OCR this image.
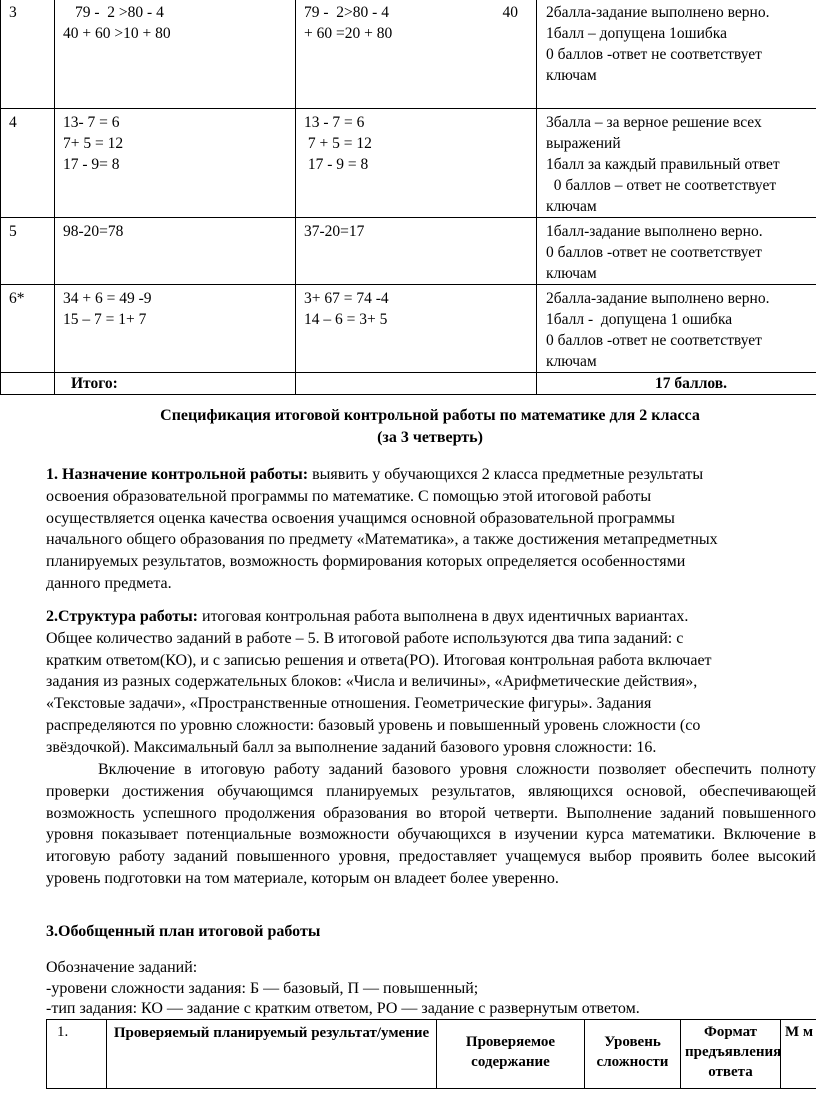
3	79 -  2 >80 - 4
40 + 60 >10 + 80	79 -  2>80 - 4
+ 60 =20 + 80
40	2балла-задание выполнено верно.
1балл – допущена 1ошибка
0 баллов -ответ не соответствует
ключам

4	13- 7 = 6
7+ 5 = 12
17 - 9= 8	13 - 7 = 6
7 + 5 = 12
17 - 9 = 8	3балла – за верное решение всех
выражений
1балл за каждый правильный ответ
0 баллов – ответ не соответствует
ключам

5	98-20=78	37-20=17	1балл-задание выполнено верно.
0 баллов -ответ не соответствует
ключам

6*	34 + 6 = 49 -9
15 – 7 = 1+ 7	3+ 67 = 74 -4
14 – 6 = 3+ 5	2балла-задание выполнено верно.
1балл -  допущена 1 ошибка
0 баллов -ответ не соответствует
ключам

	Итого:		17 баллов.
Спецификация итоговой контрольной работы по математике для 2 класса
(за 3 четверть)
1. Назначение контрольной работы: выявить у обучающихся 2 класса предметные результаты
освоения образовательной программы по математике. С помощью этой итоговой работы
осуществляется оценка качества освоения учащимся основной образовательной программы
начального общего образования по предмету «Математика», а также достижения метапредметных
планируемых результатов, возможность формирования которых определяется особенностями
данного предмета.
2.Структура работы: итоговая контрольная работа выполнена в двух идентичных вариантах.
Общее количество заданий в работе – 5. В итоговой работе используются два типа заданий: с
кратким ответом(КО), и с записью решения и ответа(РО). Итоговая контрольная работа включает
задания из разных содержательных блоков: «Числа и величины», «Арифметические действия»,
«Текстовые задачи», «Пространственные отношения. Геометрические фигуры». Задания
распределяются по уровню сложности: базовый уровень и повышенный уровень сложности (со
звёздочкой). Максимальный балл за выполнение заданий базового уровня сложности: 16.
Включение в итоговую работу заданий базового уровня сложности позволяет обеспечить полноту проверки достижения обучающимся планируемых результатов, являющихся основой, обеспечивающей возможность успешного продолжения образования во второй четверти. Выполнение заданий повышенного уровня показывает потенциальные возможности обучающихся в изучении курса математики. Включение в итоговую работу заданий повышенного уровня, предоставляет учащемуся выбор проявить более высокий уровень подготовки на том материале, которым он владеет более уверенно.
3.Обобщенный план итоговой работы
Обозначение заданий:
-уровени сложности задания: Б — базовый, П — повышенный;
-тип задания: КО — задание с кратким ответом, РО — задание с развернутым ответом.
1.	Проверяемый планируемый результат/умение	Проверяемое содержание	Уровень сложности	Формат предъявления ответа	М м
